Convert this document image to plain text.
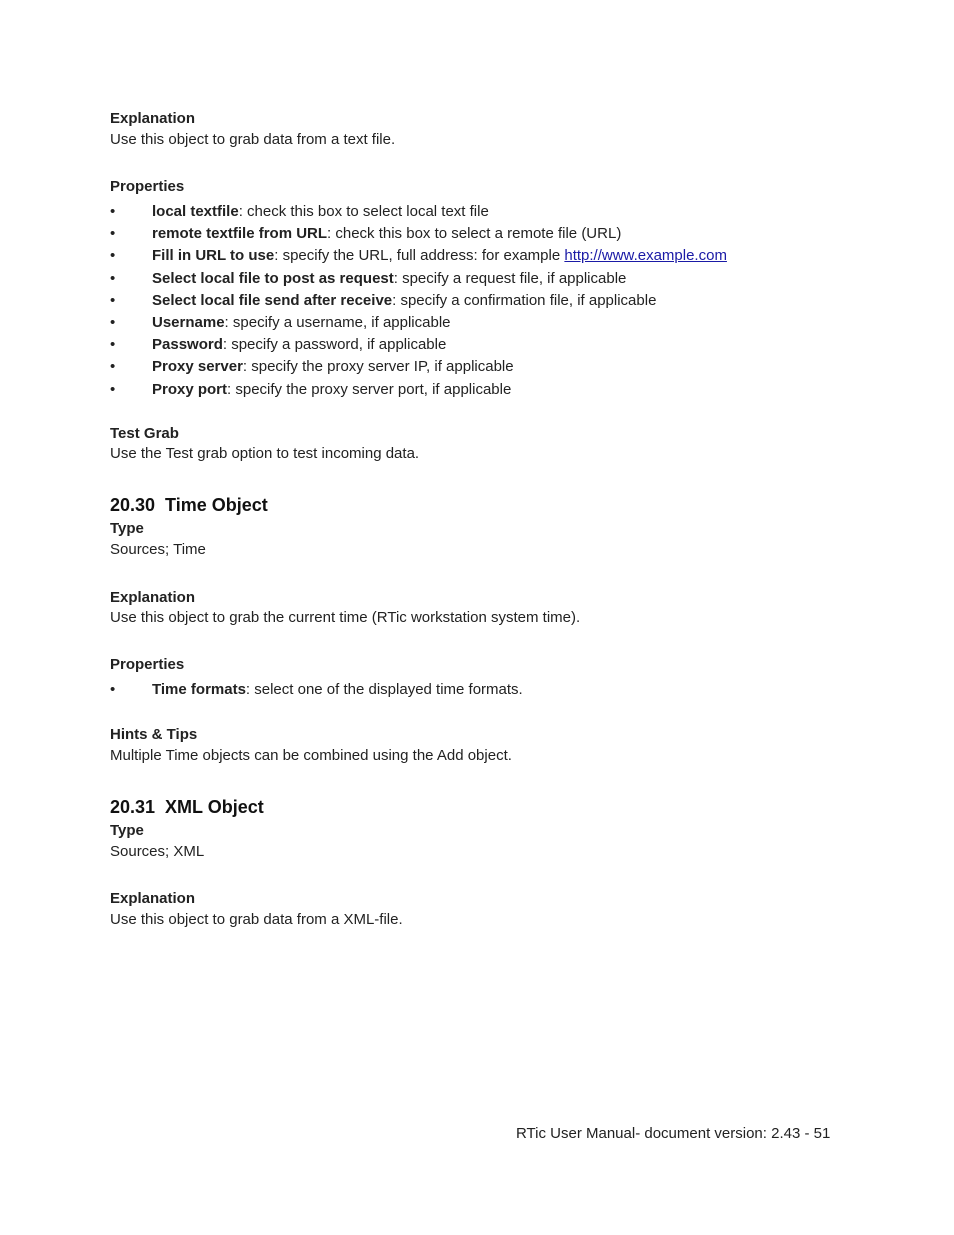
Explanation
Use this object to grab data from a text file.
Properties
•	local textfile: check this box to select local text file
•	remote textfile from URL: check this box to select a remote file (URL)
•	Fill in URL to use: specify the URL, full address: for example http://www.example.com
•	Select local file to post as request: specify a request file, if applicable
•	Select local file send after receive: specify a confirmation file, if applicable
•	Username: specify a username, if applicable
•	Password: specify a password, if applicable
•	Proxy server: specify the proxy server IP, if applicable
•	Proxy port: specify the proxy server port, if applicable
Test Grab
Use the Test grab option to test incoming data.
20.30 Time Object
Type
Sources; Time
Explanation
Use this object to grab the current time (RTic workstation system time).
Properties
•	Time formats: select one of the displayed time formats.
Hints & Tips
Multiple Time objects can be combined using the Add object.
20.31 XML Object
Type
Sources; XML
Explanation
Use this object to grab data from a XML-file.
RTic User Manual- document version: 2.43 - 51
